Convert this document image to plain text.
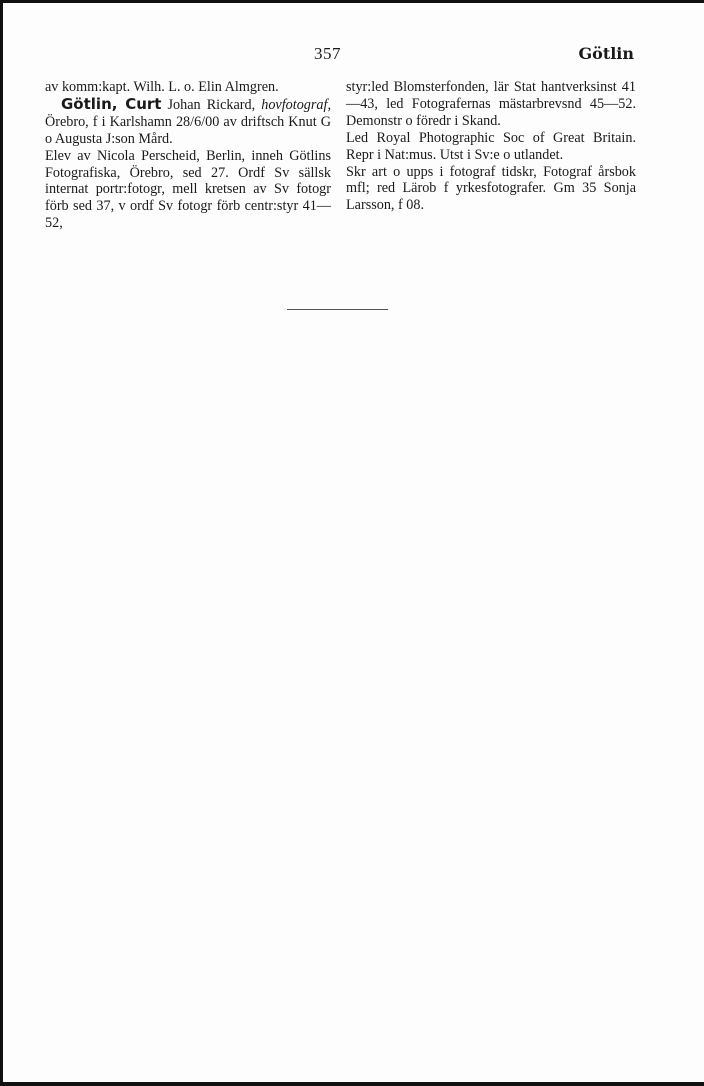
357	Götlin

av komm:kapt. Wilh. L. o. Elin Almgren.

Götlin, Curt Johan Rickard, hovfotograf, Örebro, f i Karlshamn 28/6/00 av driftsch Knut G o Augusta J:son Mård.

Elev av Nicola Perscheid, Berlin, inneh Götlins Fotografiska, Örebro, sed 27. Ordf Sv sällsk internat portr:fotogr, mell kretsen av Sv fotogr förb sed 37, v ordf Sv fotogr förb centr:styr 41—52,

styr:led Blomsterfonden, lär Stat hantverksinst 41—43, led Fotografernas mästarbrevsnd 45—52. Demonstr o föredr i Skand.

Led Royal Photographic Soc of Great Britain. Repr i Nat:mus. Utst i Sv:e o utlandet.

Skr art o upps i fotograf tidskr, Fotograf årsbok mfl; red Lärob f yrkesfotografer. Gm 35 Sonja Larsson, f 08.
